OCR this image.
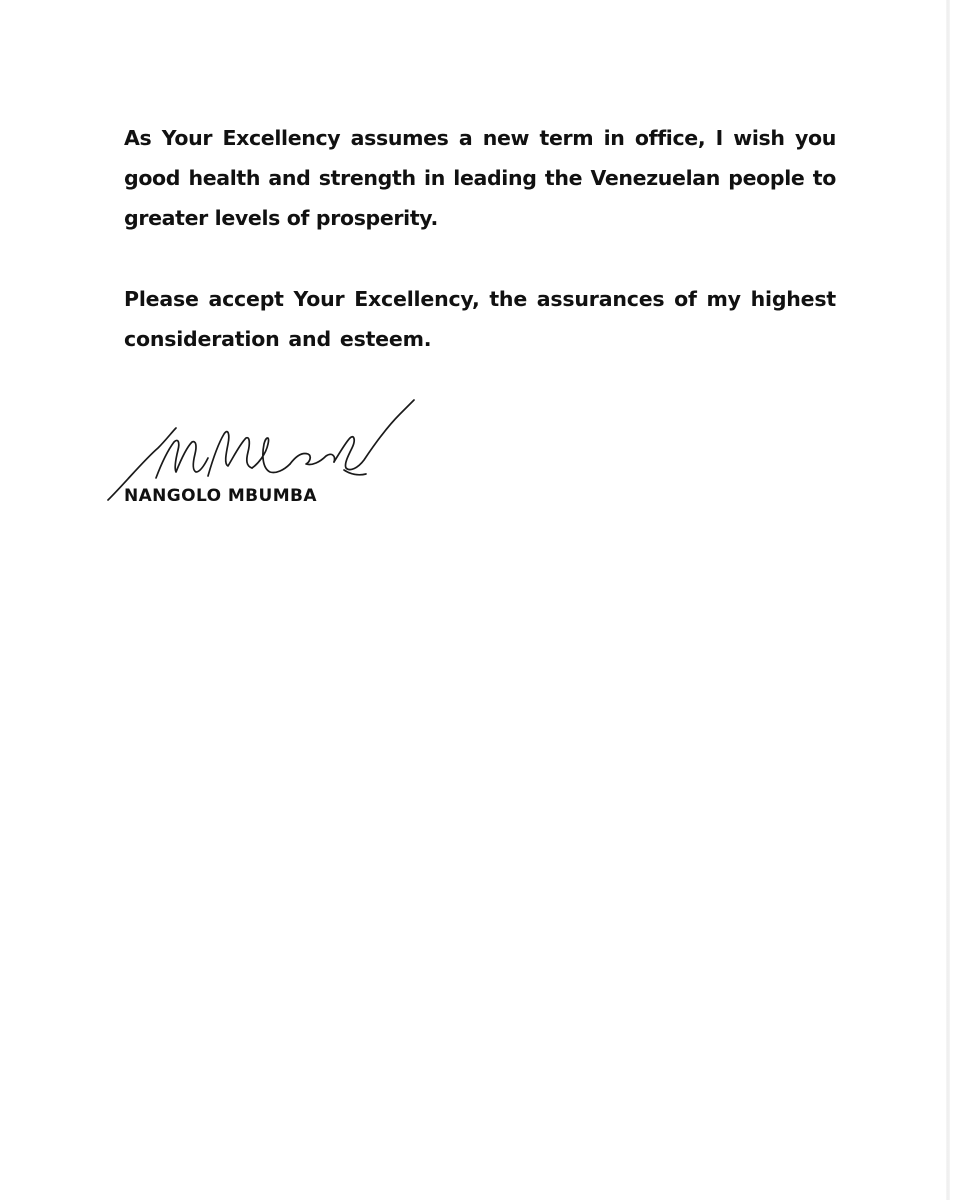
As Your Excellency assumes a new term in office, I wish you good health and strength in leading the Venezuelan people to greater levels of prosperity.

Please accept Your Excellency, the assurances of my highest consideration and esteem.

NANGOLO MBUMBA
